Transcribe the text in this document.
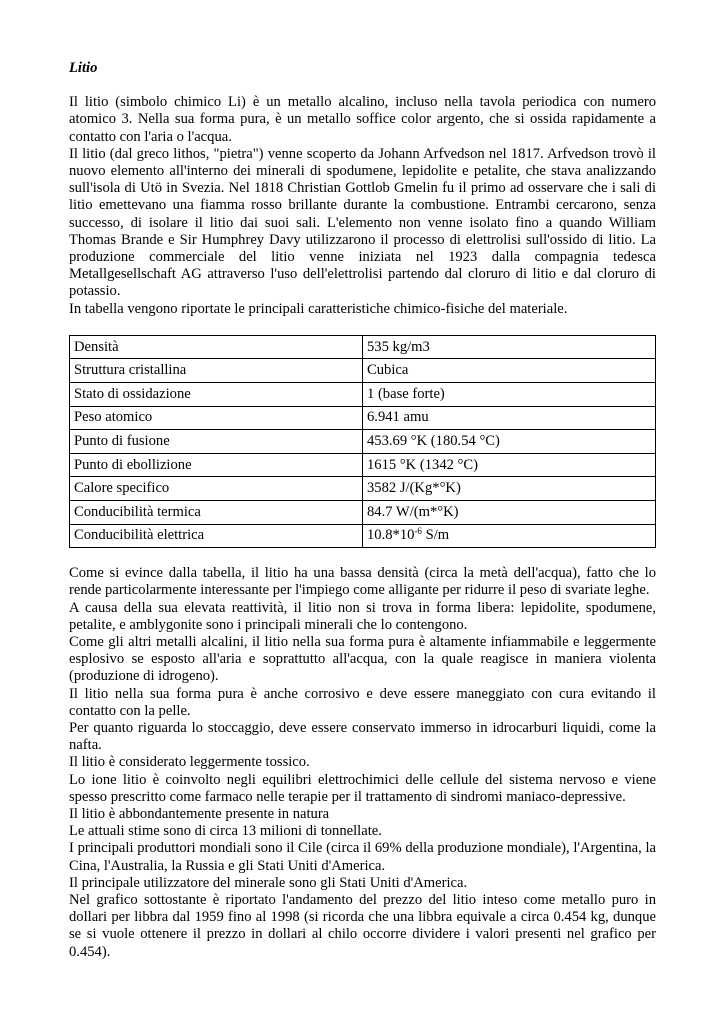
Litio

Il litio (simbolo chimico Li) è un metallo alcalino, incluso nella tavola periodica con numero atomico 3. Nella sua forma pura, è un metallo soffice color argento, che si ossida rapidamente a contatto con l'aria o l'acqua.

Il litio (dal greco lithos, "pietra") venne scoperto da Johann Arfvedson nel 1817. Arfvedson trovò il nuovo elemento all'interno dei minerali di spodumene, lepidolite e petalite, che stava analizzando sull'isola di Utö in Svezia. Nel 1818 Christian Gottlob Gmelin fu il primo ad osservare che i sali di litio emettevano una fiamma rosso brillante durante la combustione. Entrambi cercarono, senza successo, di isolare il litio dai suoi sali. L'elemento non venne isolato fino a quando William Thomas Brande e Sir Humphrey Davy utilizzarono il processo di elettrolisi sull'ossido di litio. La produzione commerciale del litio venne iniziata nel 1923 dalla compagnia tedesca Metallgesellschaft AG attraverso l'uso dell'elettrolisi partendo dal cloruro di litio e dal cloruro di potassio.

In tabella vengono riportate le principali caratteristiche chimico-fisiche del materiale.

Densità	535 kg/m3
Struttura cristallina	Cubica
Stato di ossidazione	1 (base forte)
Peso atomico	6.941 amu
Punto di fusione	453.69 °K (180.54 °C)
Punto di ebollizione	1615 °K (1342 °C)
Calore specifico	3582 J/(Kg*°K)
Conducibilità termica	84.7 W/(m*°K)
Conducibilità elettrica	$10.8*10^{-6}$ S/m

Come si evince dalla tabella, il litio ha una bassa densità (circa la metà dell'acqua), fatto che lo rende particolarmente interessante per l'impiego come alligante per ridurre il peso di svariate leghe.

A causa della sua elevata reattività, il litio non si trova in forma libera: lepidolite, spodumene, petalite, e amblygonite sono i principali minerali che lo contengono.

Come gli altri metalli alcalini, il litio nella sua forma pura è altamente infiammabile e leggermente esplosivo se esposto all'aria e soprattutto all'acqua, con la quale reagisce in maniera violenta (produzione di idrogeno).

Il litio nella sua forma pura è anche corrosivo e deve essere maneggiato con cura evitando il contatto con la pelle.

Per quanto riguarda lo stoccaggio, deve essere conservato immerso in idrocarburi liquidi, come la nafta.

Il litio è considerato leggermente tossico.

Lo ione litio è coinvolto negli equilibri elettrochimici delle cellule del sistema nervoso e viene spesso prescritto come farmaco nelle terapie per il trattamento di sindromi maniaco-depressive.

Il litio è abbondantemente presente in natura

Le attuali stime sono di circa 13 milioni di tonnellate.

I principali produttori mondiali sono il Cile (circa il 69% della produzione mondiale), l'Argentina, la Cina, l'Australia, la Russia e gli Stati Uniti d'America.

Il principale utilizzatore del minerale sono gli Stati Uniti d'America.

Nel grafico sottostante è riportato l'andamento del prezzo del litio inteso come metallo puro in dollari per libbra dal 1959 fino al 1998 (si ricorda che una libbra equivale a circa 0.454 kg, dunque se si vuole ottenere il prezzo in dollari al chilo occorre dividere i valori presenti nel grafico per 0.454).
